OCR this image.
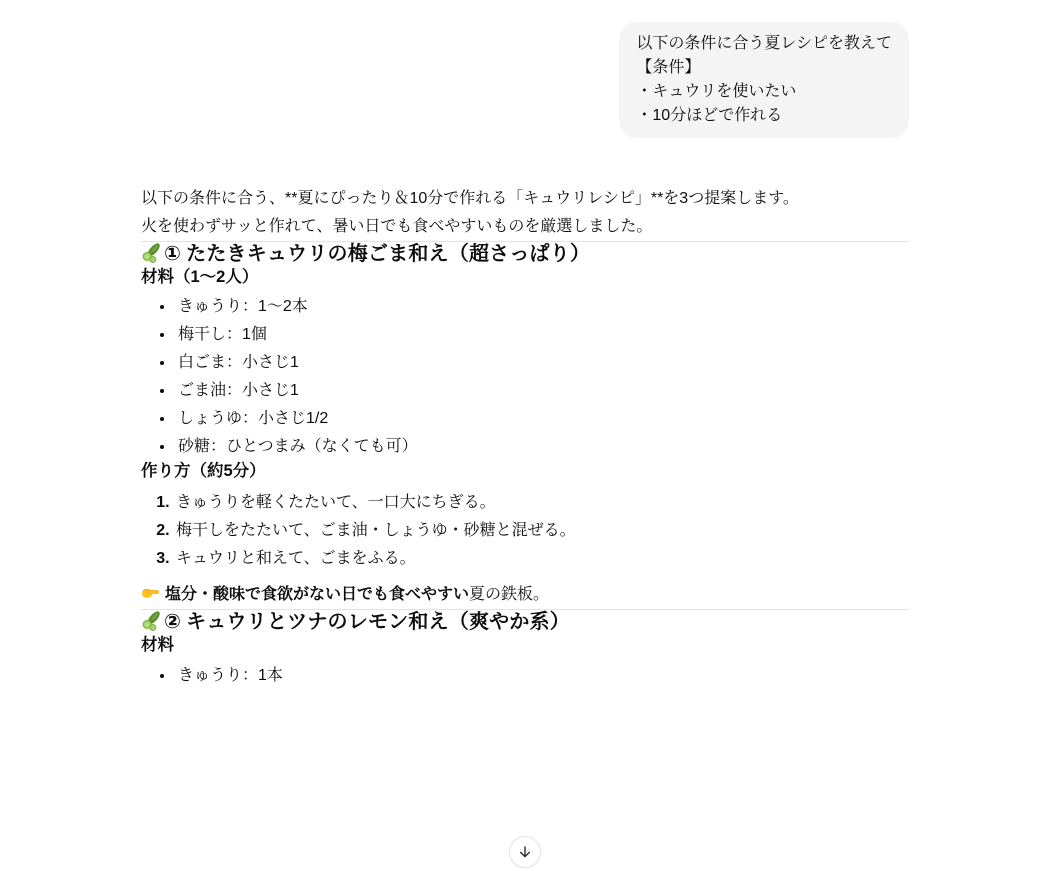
以下の条件に合う夏レシピを教えて
【条件】
・キュウリを使いたい
・10分ほどで作れる

以下の条件に合う、**夏にぴったり＆10分で作れる「キュウリレシピ」**を3つ提案します。
火を使わずサッと作れて、暑い日でも食べやすいものを厳選しました。

① たたきキュウリの梅ごま和え（超さっぱり）
材料（1〜2人）
• きゅうり：1〜2本
• 梅干し：1個
• 白ごま：小さじ1
• ごま油：小さじ1
• しょうゆ：小さじ1/2
• 砂糖：ひとつまみ（なくても可）
作り方（約5分）
1. きゅうりを軽くたたいて、一口大にちぎる。
2. 梅干しをたたいて、ごま油・しょうゆ・砂糖と混ぜる。
3. キュウリと和えて、ごまをふる。

塩分・酸味で食欲がない日でも食べやすい夏の鉄板。

② キュウリとツナのレモン和え（爽やか系）
材料
• きゅうり：1本
